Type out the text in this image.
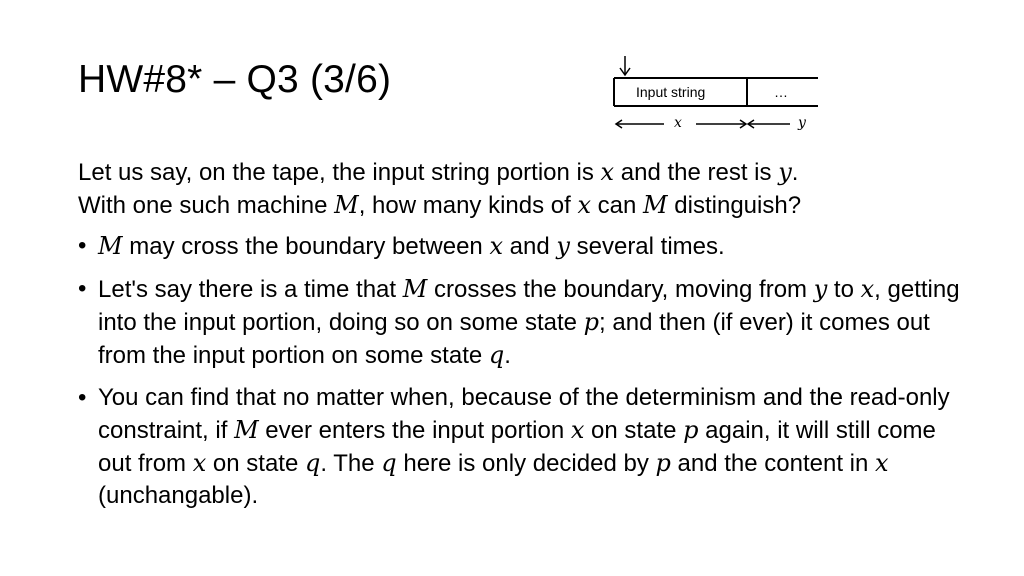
HW#8* – Q3 (3/6)	Input string	…
x	y

Let us say, on the tape, the input string portion is x and the rest is y.

With one such machine M, how many kinds of x can M distinguish?

• M may cross the boundary between x and y several times.
• Let's say there is a time that M crosses the boundary, moving from y to x, getting into the input portion, doing so on some state p; and then (if ever) it comes out from the input portion on some state q.
• You can find that no matter when, because of the determinism and the read-only constraint, if M ever enters the input portion x on state p again, it will still come out from x on state q. The q here is only decided by p and the content in x (unchangable).
